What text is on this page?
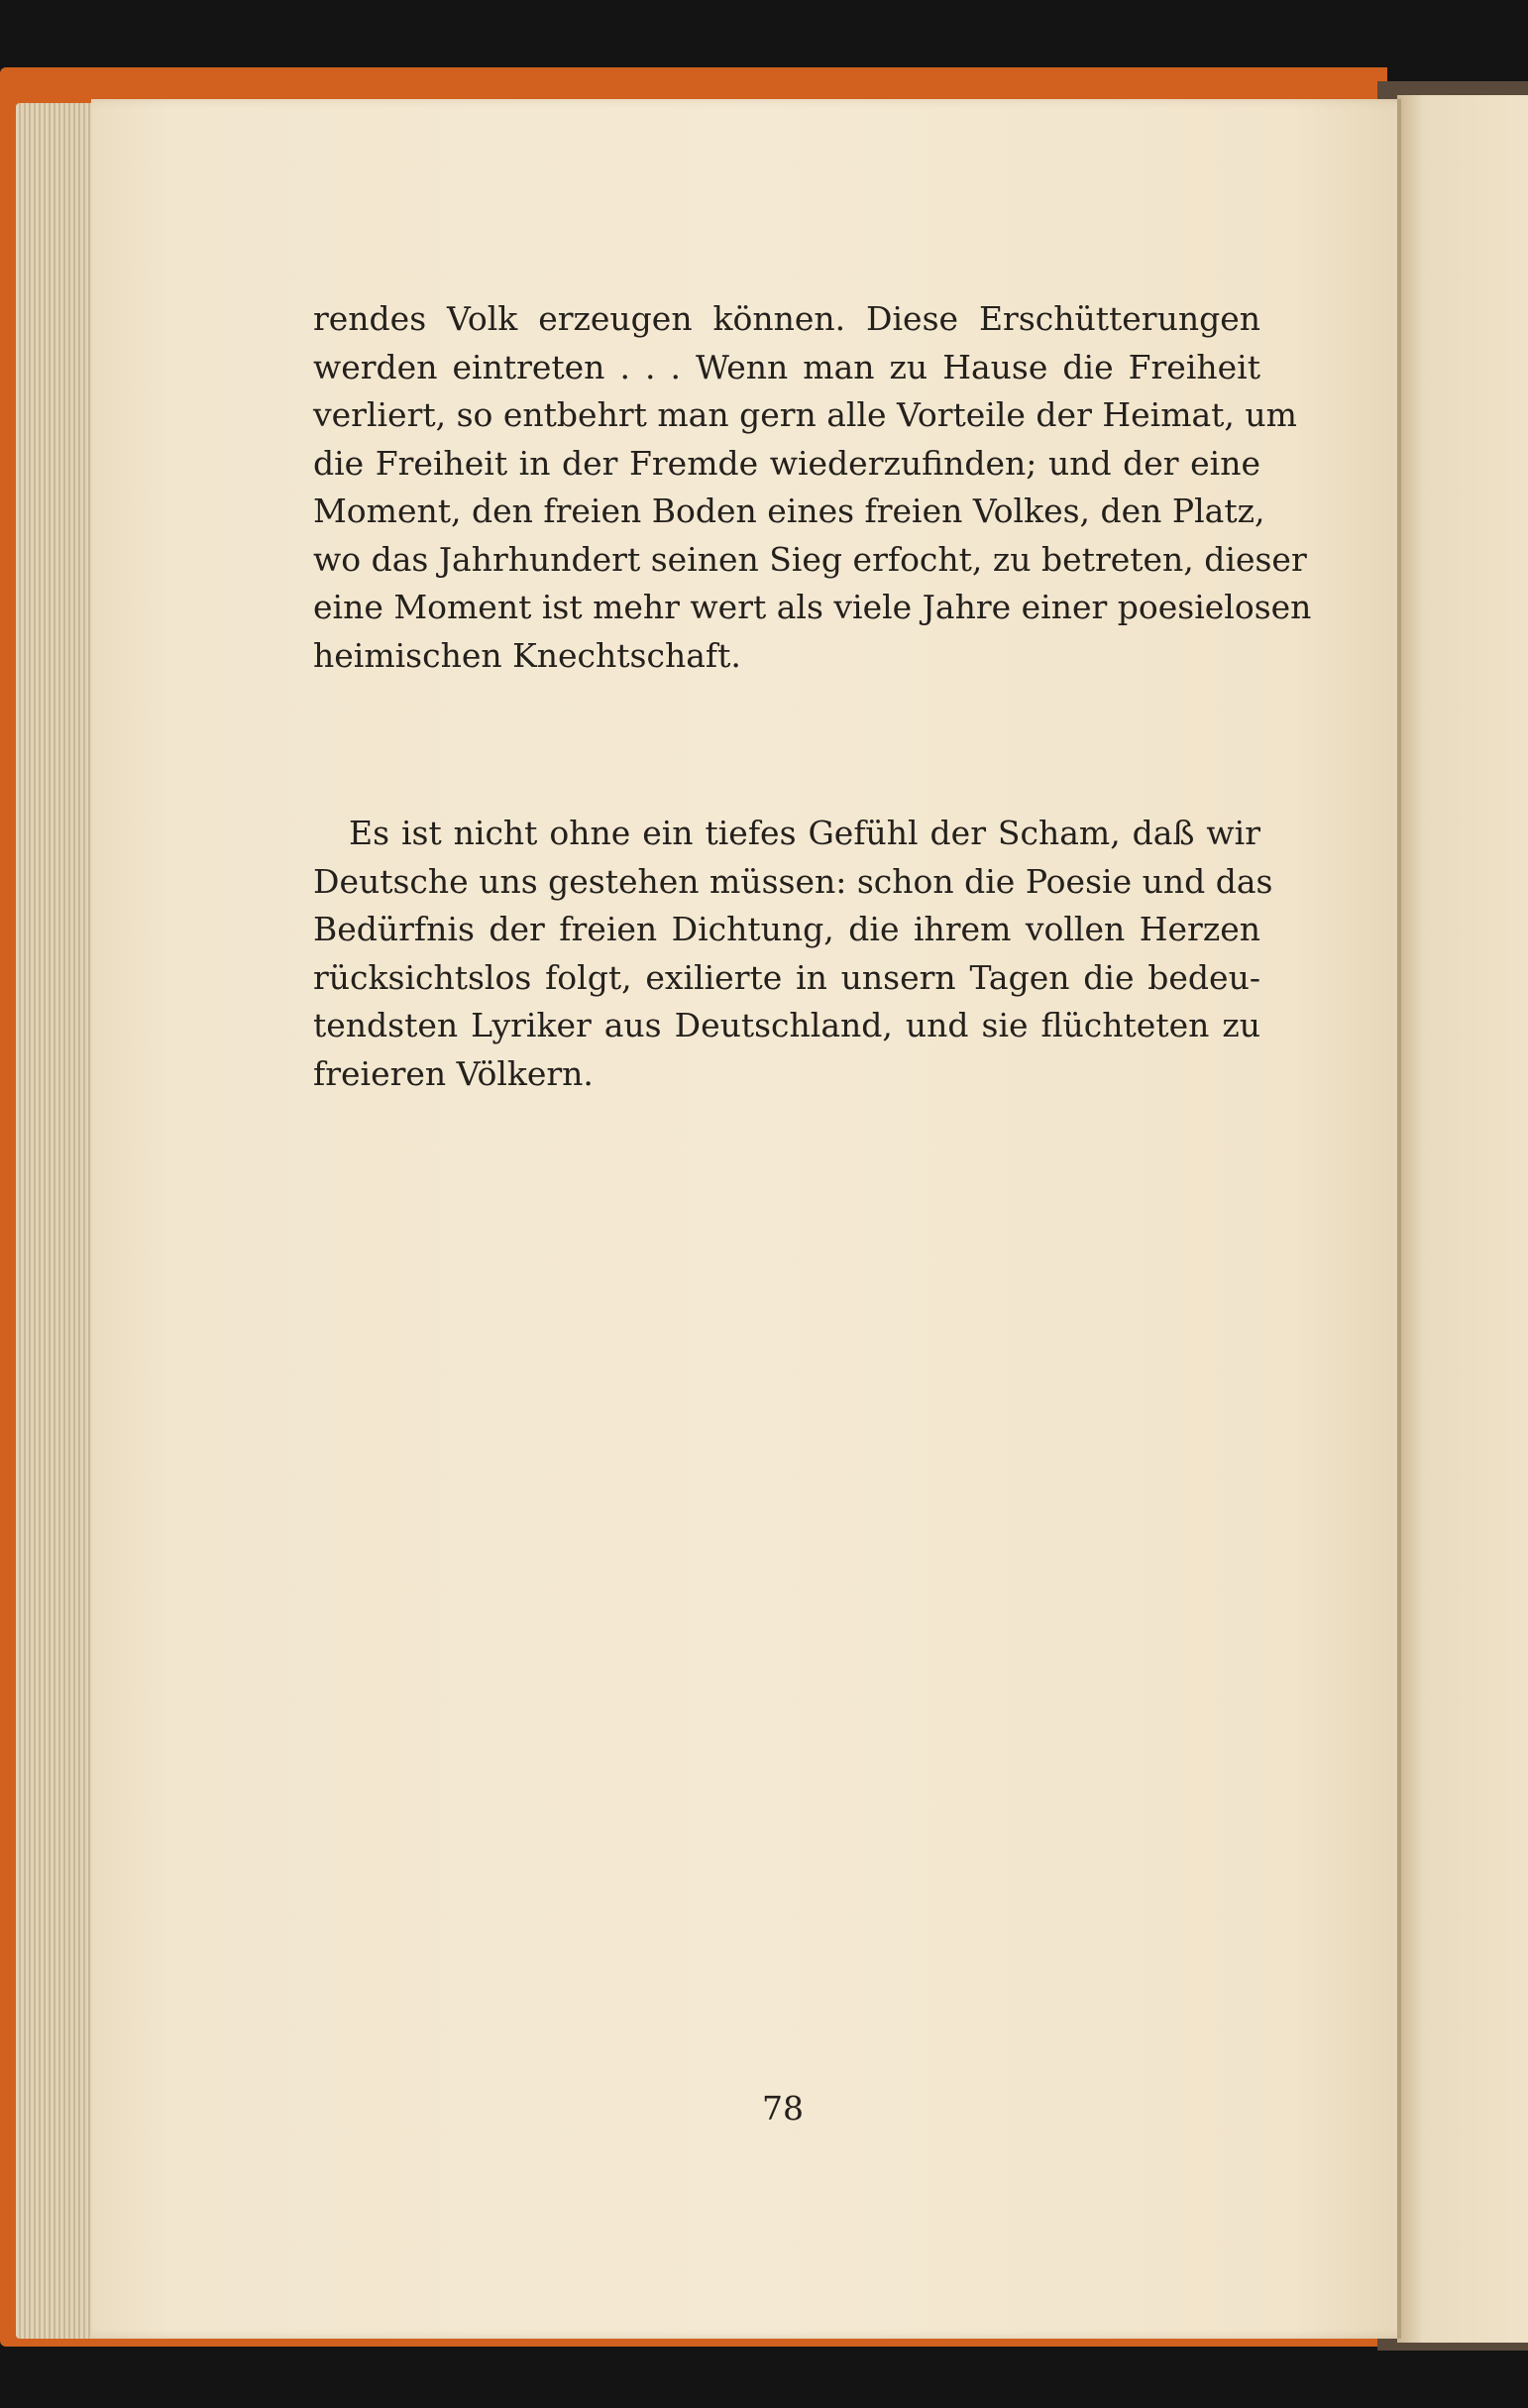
rendes Volk erzeugen können. Diese Erschütterungen
werden eintreten . . . Wenn man zu Hause die Freiheit
verliert, so entbehrt man gern alle Vorteile der Heimat, um
die Freiheit in der Fremde wiederzufinden; und der eine
Moment, den freien Boden eines freien Volkes, den Platz,
wo das Jahrhundert seinen Sieg erfocht, zu betreten, dieser
eine Moment ist mehr wert als viele Jahre einer poesielosen
heimischen Knechtschaft.
Es ist nicht ohne ein tiefes Gefühl der Scham, daß wir
Deutsche uns gestehen müssen: schon die Poesie und das
Bedürfnis der freien Dichtung, die ihrem vollen Herzen
rücksichtslos folgt, exilierte in unsern Tagen die bedeu-
tendsten Lyriker aus Deutschland, und sie flüchteten zu
freieren Völkern.
78
